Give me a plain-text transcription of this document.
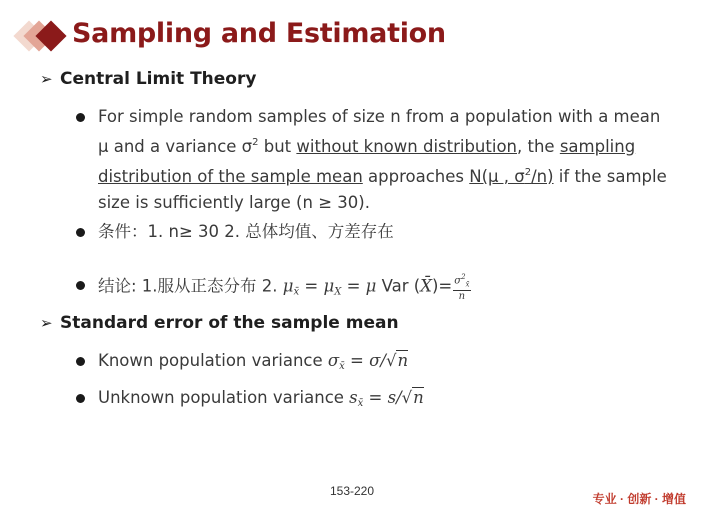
Sampling and Estimation
➢ Central Limit Theory
For simple random samples of size n from a population with a mean μ and a variance $\sigma^2$ but without known distribution, the sampling distribution of the sample mean approaches N(μ , $\sigma^2/n$) if the sample size is sufficiently large (n ≥ 30).
条件：1. n≥ 30 2. 总体均值、方差存在
结论: 1.服从正态分布 2. $\mu_{x̄} = \mu_X = \mu$ Var (X̄)= $\frac{\sigma^2_{x̄}}{n}$
➢ Standard error of the sample mean
Known population variance $\sigma_{x̄} = \sigma/√n$
Unknown population variance $s_{x̄} = s/√n$
153-220
专业 · 创新 · 增值
